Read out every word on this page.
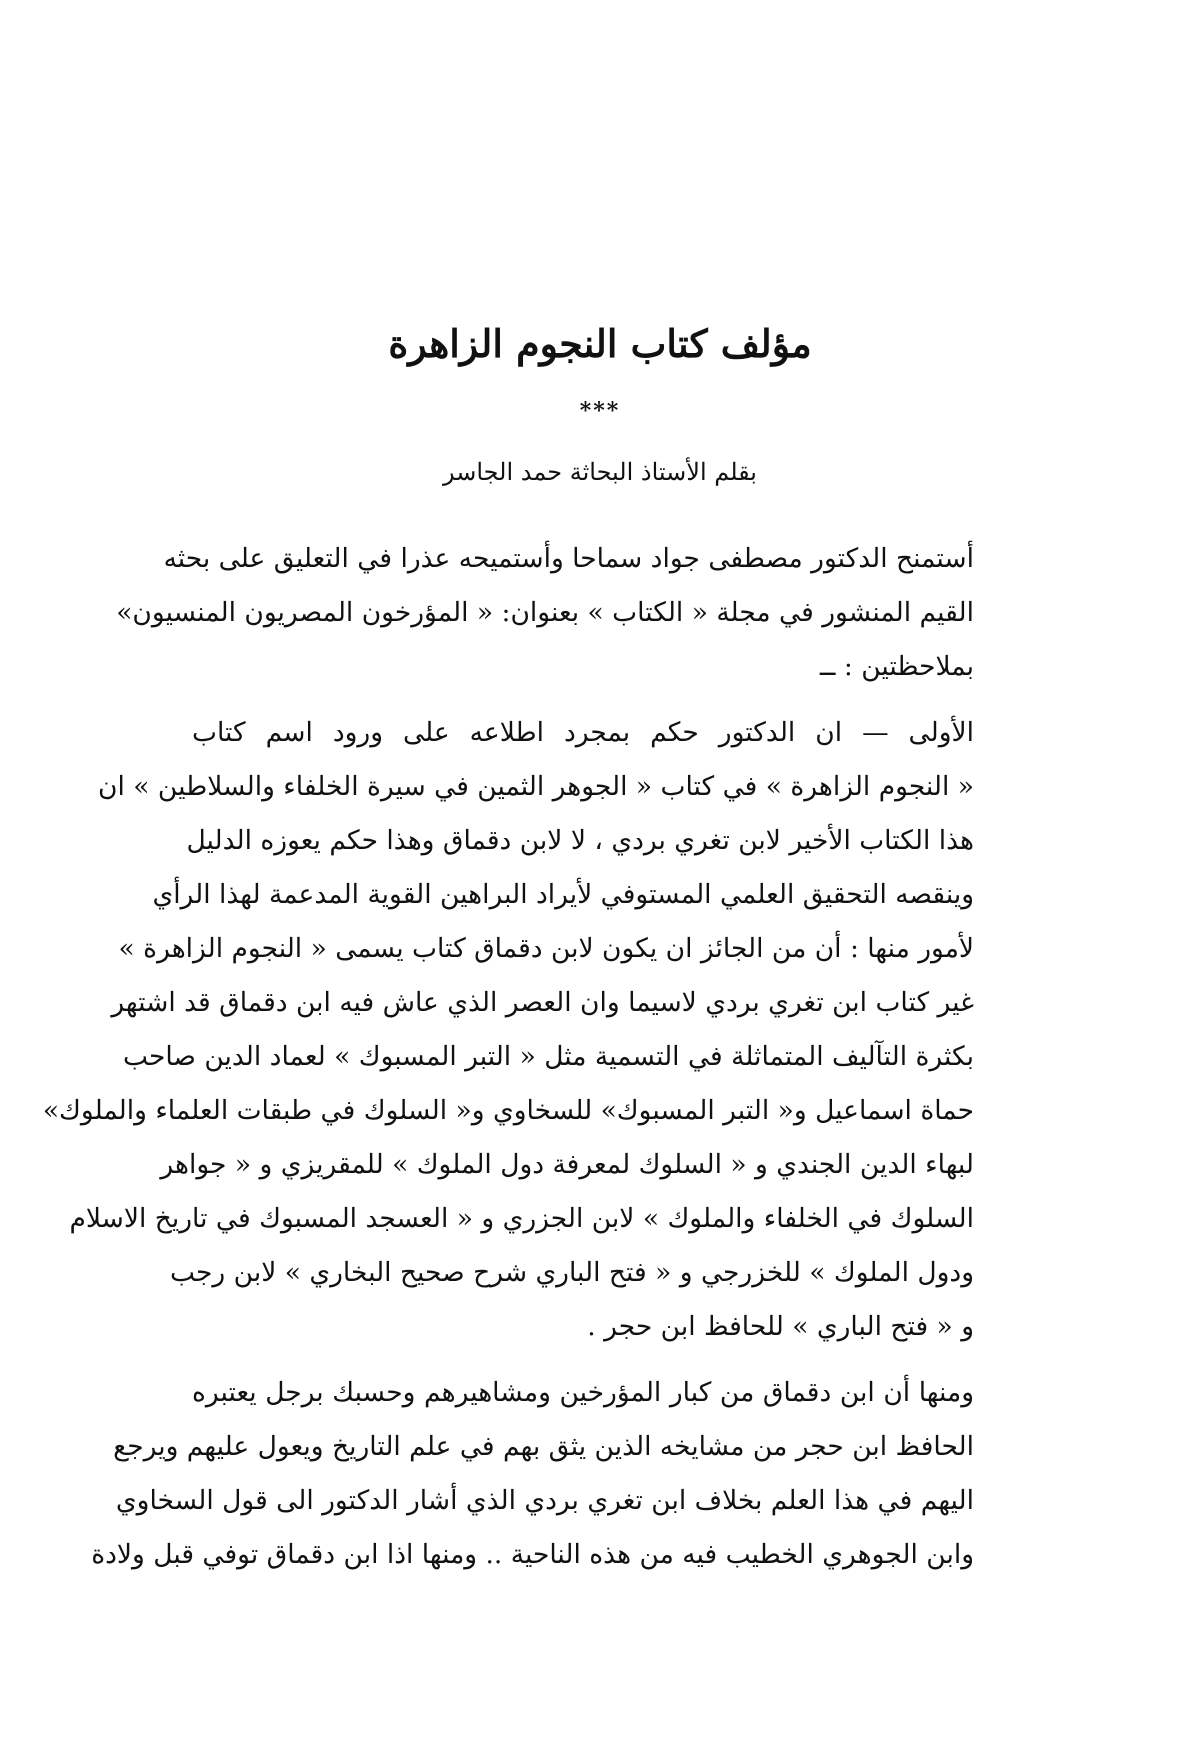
مؤلف كتاب النجوم الزاهرة
***
بقلم الأستاذ البحاثة حمد الجاسر
أستمنح الدكتور مصطفى جواد سماحا وأستميحه عذرا في التعليق على بحثه
القيم المنشور في مجلة « الكتاب » بعنوان: « المؤرخون المصريون المنسيون»
بملاحظتين : ــ
الأولى — ان الدكتور حكم بمجرد اطلاعه على ورود اسم كتاب
« النجوم الزاهرة » في كتاب « الجوهر الثمين في سيرة الخلفاء والسلاطين » ان
هذا الكتاب الأخير لابن تغري بردي ، لا لابن دقماق وهذا حكم يعوزه الدليل
وينقصه التحقيق العلمي المستوفي لأيراد البراهين القوية المدعمة لهذا الرأي
لأمور منها : أن من الجائز ان يكون لابن دقماق كتاب يسمى « النجوم الزاهرة »
غير كتاب ابن تغري بردي لاسيما وان العصر الذي عاش فيه ابن دقماق قد اشتهر
بكثرة التآليف المتماثلة في التسمية مثل « التبر المسبوك » لعماد الدين صاحب
حماة اسماعيل و« التبر المسبوك» للسخاوي و« السلوك في طبقات العلماء والملوك»
لبهاء الدين الجندي و « السلوك لمعرفة دول الملوك » للمقريزي و « جواهر
السلوك في الخلفاء والملوك » لابن الجزري و « العسجد المسبوك في تاريخ الاسلام
ودول الملوك » للخزرجي و « فتح الباري شرح صحيح البخاري » لابن رجب
و « فتح الباري » للحافظ ابن حجر .
ومنها أن ابن دقماق من كبار المؤرخين ومشاهيرهم وحسبك برجل يعتبره
الحافظ ابن حجر من مشايخه الذين يثق بهم في علم التاريخ ويعول عليهم ويرجع
اليهم في هذا العلم بخلاف ابن تغري بردي الذي أشار الدكتور الى قول السخاوي
وابن الجوهري الخطيب فيه من هذه الناحية .. ومنها اذا ابن دقماق توفي قبل ولادة
